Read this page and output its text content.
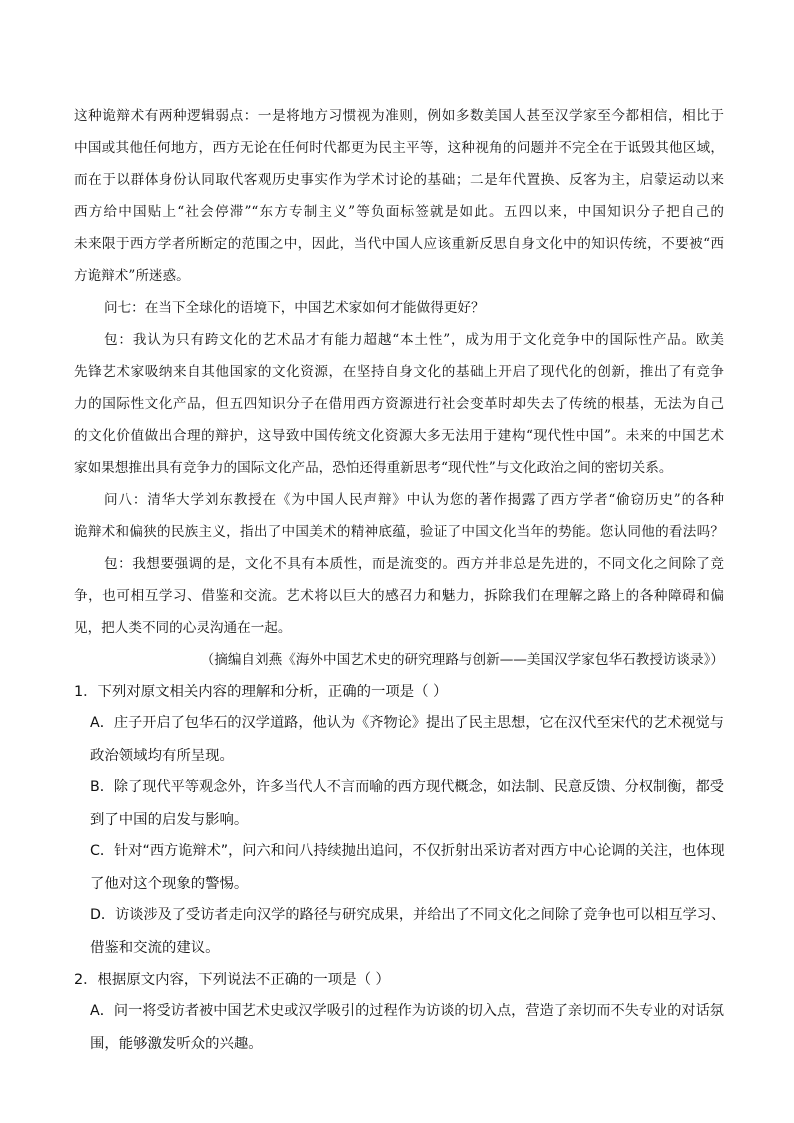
这种诡辩术有两种逻辑弱点：一是将地方习惯视为准则，例如多数美国人甚至汉学家至今都相信，相比于
中国或其他任何地方，西方无论在任何时代都更为民主平等，这种视角的问题并不完全在于诋毁其他区域，
而在于以群体身份认同取代客观历史事实作为学术讨论的基础；二是年代置换、反客为主，启蒙运动以来
西方给中国贴上“社会停滞”“东方专制主义”等负面标签就是如此。五四以来，中国知识分子把自己的
未来限于西方学者所断定的范围之中，因此，当代中国人应该重新反思自身文化中的知识传统，不要被“西
方诡辩术”所迷惑。
问七：在当下全球化的语境下，中国艺术家如何才能做得更好？
包：我认为只有跨文化的艺术品才有能力超越“本土性”，成为用于文化竞争中的国际性产品。欧美
先锋艺术家吸纳来自其他国家的文化资源，在坚持自身文化的基础上开启了现代化的创新，推出了有竞争
力的国际性文化产品，但五四知识分子在借用西方资源进行社会变革时却失去了传统的根基，无法为自己
的文化价值做出合理的辩护，这导致中国传统文化资源大多无法用于建构“现代性中国”。未来的中国艺术
家如果想推出具有竞争力的国际文化产品，恐怕还得重新思考“现代性”与文化政治之间的密切关系。
问八：清华大学刘东教授在《为中国人民声辩》中认为您的著作揭露了西方学者“偷窃历史”的各种
诡辩术和偏狭的民族主义，指出了中国美术的精神底蕴，验证了中国文化当年的势能。您认同他的看法吗？
包：我想要强调的是，文化不具有本质性，而是流变的。西方并非总是先进的，不同文化之间除了竞
争，也可相互学习、借鉴和交流。艺术将以巨大的感召力和魅力，拆除我们在理解之路上的各种障碍和偏
见，把人类不同的心灵沟通在一起。
（摘编自刘燕《海外中国艺术史的研究理路与创新——美国汉学家包华石教授访谈录》）
1．下列对原文相关内容的理解和分析，正确的一项是（ ）
A．庄子开启了包华石的汉学道路，他认为《齐物论》提出了民主思想，它在汉代至宋代的艺术视觉与
政治领域均有所呈现。
B．除了现代平等观念外，许多当代人不言而喻的西方现代概念，如法制、民意反馈、分权制衡，都受
到了中国的启发与影响。
C．针对“西方诡辩术”，问六和问八持续抛出追问，不仅折射出采访者对西方中心论调的关注，也体现
了他对这个现象的警惕。
D．访谈涉及了受访者走向汉学的路径与研究成果，并给出了不同文化之间除了竞争也可以相互学习、
借鉴和交流的建议。
2．根据原文内容，下列说法不正确的一项是（ ）
A．问一将受访者被中国艺术史或汉学吸引的过程作为访谈的切入点，营造了亲切而不失专业的对话氛
围，能够激发听众的兴趣。
